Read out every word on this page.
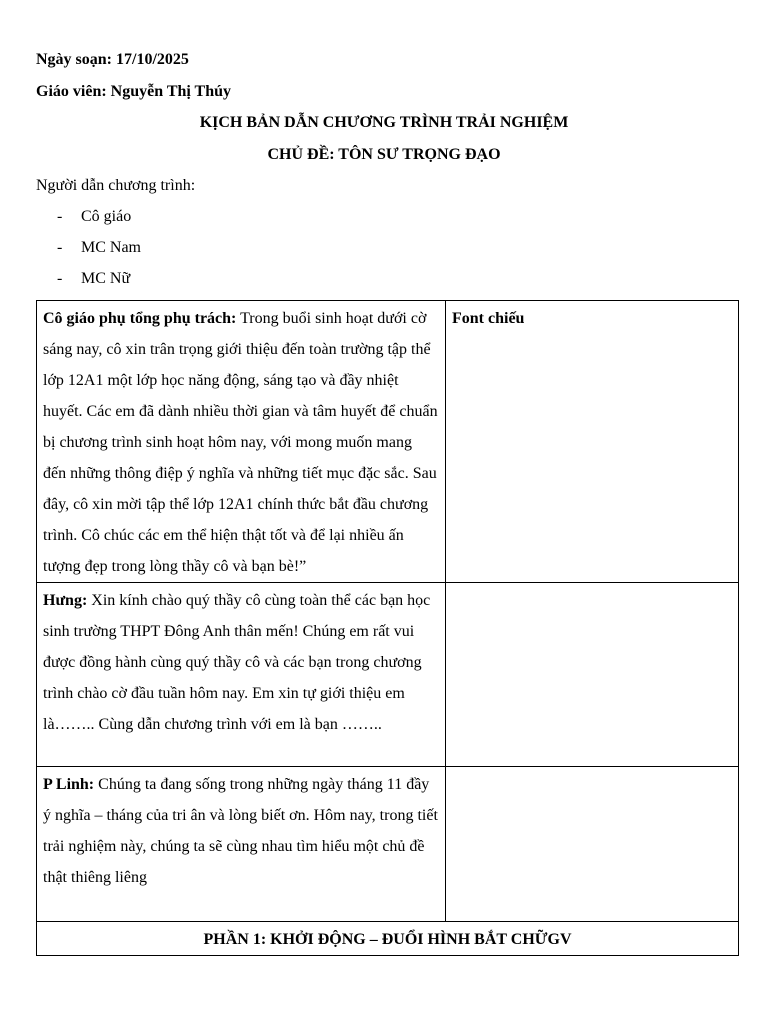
Ngày soạn: 17/10/2025
Giáo viên: Nguyễn Thị Thúy
KỊCH BẢN DẪN CHƯƠNG TRÌNH TRẢI NGHIỆM
CHỦ ĐỀ: TÔN SƯ TRỌNG ĐẠO
Người dẫn chương trình:
- Cô giáo
- MC Nam
- MC Nữ
Cô giáo phụ tổng phụ trách: Trong buổi sinh hoạt dưới cờ sáng nay, cô xin trân trọng giới thiệu đến toàn trường tập thể lớp 12A1 một lớp học năng động, sáng tạo và đầy nhiệt huyết. Các em đã dành nhiều thời gian và tâm huyết để chuẩn bị chương trình sinh hoạt hôm nay, với mong muốn mang đến những thông điệp ý nghĩa và những tiết mục đặc sắc. Sau đây, cô xin mời tập thể lớp 12A1 chính thức bắt đầu chương trình. Cô chúc các em thể hiện thật tốt và để lại nhiều ấn tượng đẹp trong lòng thầy cô và bạn bè!”	Font chiếu
Hưng: Xin kính chào quý thầy cô cùng toàn thể các bạn học sinh trường THPT Đông Anh thân mến! Chúng em rất vui được đồng hành cùng quý thầy cô và các bạn trong chương trình chào cờ đầu tuần hôm nay. Em xin tự giới thiệu em là…….. Cùng dẫn chương trình với em là bạn ……..	
P Linh: Chúng ta đang sống trong những ngày tháng 11 đầy ý nghĩa – tháng của tri ân và lòng biết ơn. Hôm nay, trong tiết trải nghiệm này, chúng ta sẽ cùng nhau tìm hiểu một chủ đề thật thiêng liêng	
PHẦN 1: KHỞI ĐỘNG – ĐUỔI HÌNH BẮT CHỮGV	
